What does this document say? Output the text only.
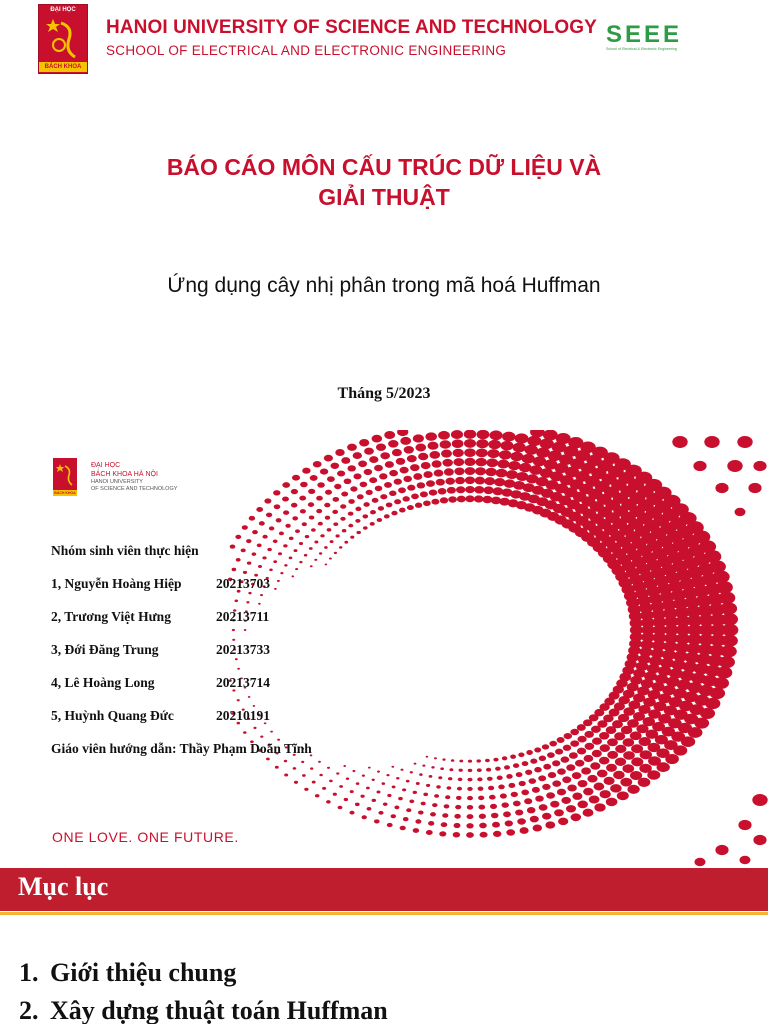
ĐẠI HỌC
BÁCH KHOA
HANOI UNIVERSITY OF SCIENCE AND TECHNOLOGY

SCHOOL OF ELECTRICAL AND ELECTRONIC ENGINEERING

SEEE
School of Electrical & Electronic Engineering
BÁO CÁO MÔN CẤU TRÚC DỮ LIỆU VÀ
GIẢI THUẬT

Ứng dụng cây nhị phân trong mã hoá Huffman

Tháng 5/2023

BÁCH KHOA
ĐẠI HỌC
BÁCH KHOA HÀ NỘI
HANOI UNIVERSITY
OF SCIENCE AND TECHNOLOGY
Nhóm sinh viên thực hiện
1, Nguyễn Hoàng Hiệp	20213703
2, Trương Việt Hưng	20213711
3, Đới Đăng Trung	20213733
4, Lê Hoàng Long	20213714
5, Huỳnh Quang Đức	20210191
Giáo viên hướng dẫn: Thầy Phạm Doãn Tĩnh

ONE LOVE. ONE FUTURE.

Mục lục
1. Giới thiệu chung
2. Xây dựng thuật toán Huffman
